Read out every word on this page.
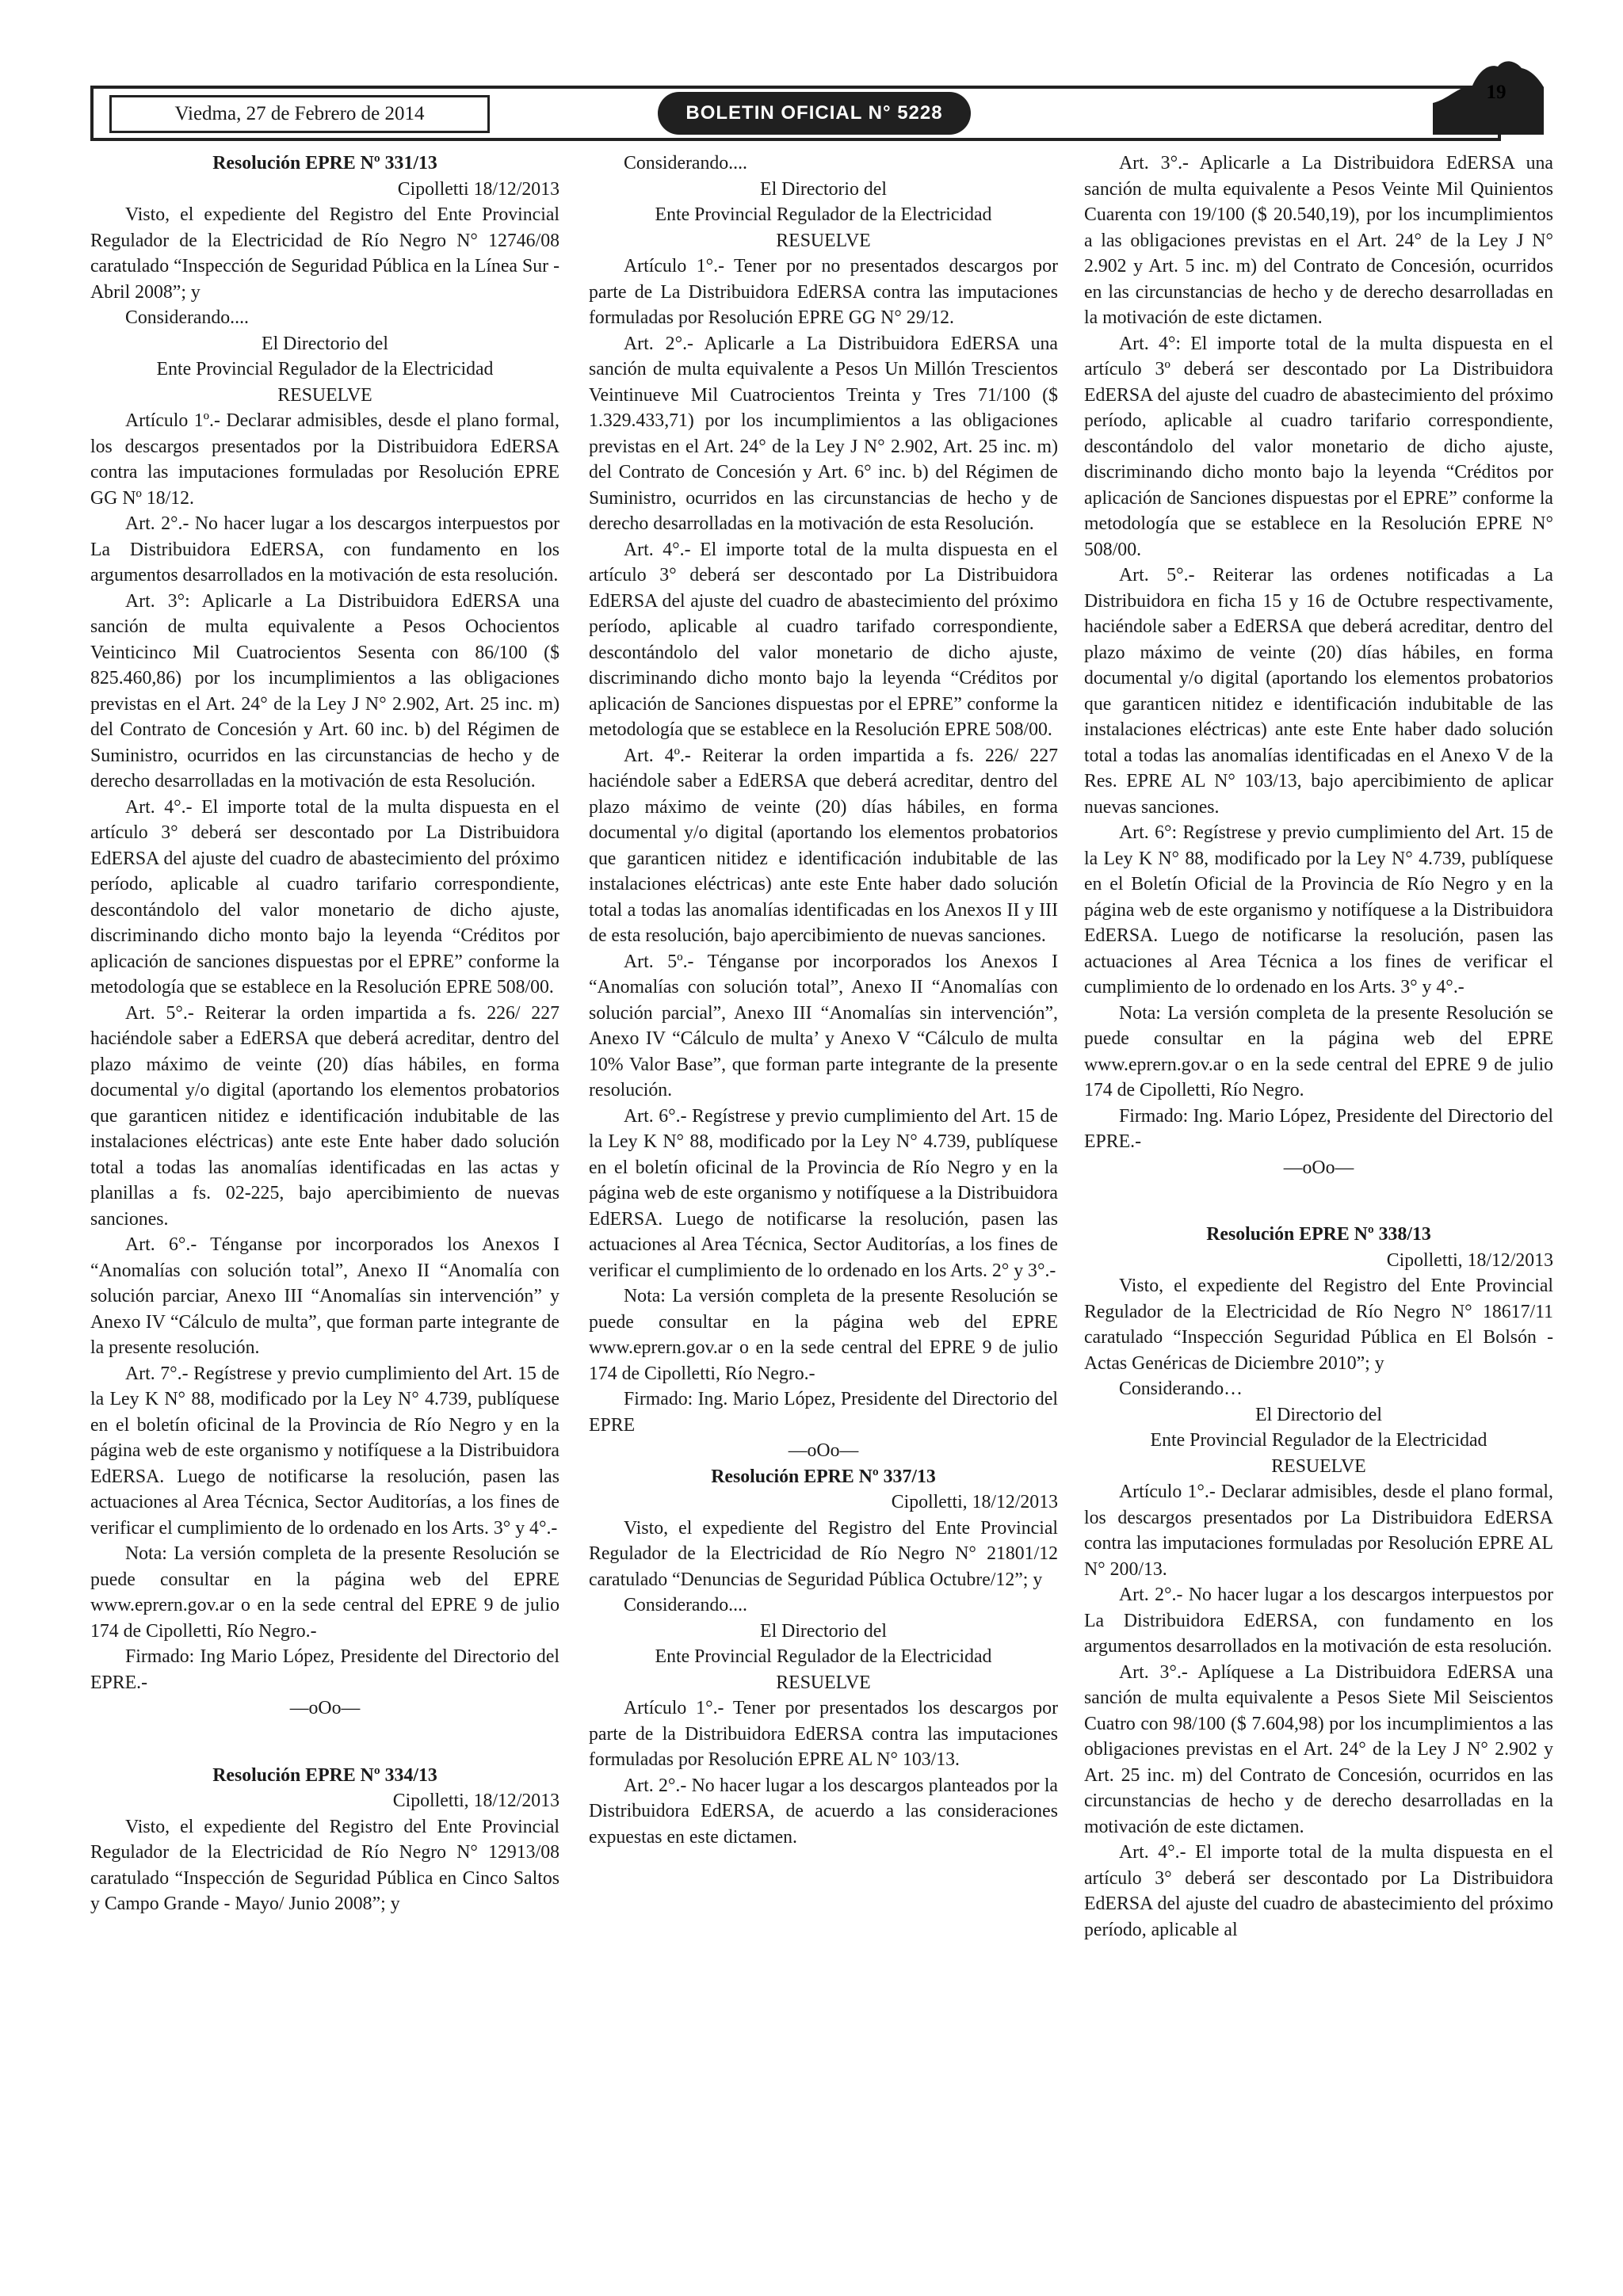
Viedma, 27 de Febrero de 2014	BOLETIN OFICIAL N° 5228
19

Resolución EPRE Nº 331/13

Cipolletti 18/12/2013

Visto, el expediente del Registro del Ente Provincial Regulador de la Electricidad de Río Negro N° 12746/08 caratulado “Inspección de Seguridad Pública en la Línea Sur - Abril 2008”; y

Considerando....

El Directorio del

Ente Provincial Regulador de la Electricidad

RESUELVE

Artículo 1º.- Declarar admisibles, desde el plano formal, los descargos presentados por la Distribuidora EdERSA contra las imputaciones formuladas por Resolución EPRE GG Nº 18/12.

Art. 2°.- No hacer lugar a los descargos interpuestos por La Distribuidora EdERSA, con fundamento en los argumentos desarrollados en la motivación de esta resolución.

Art. 3°: Aplicarle a La Distribuidora EdERSA una sanción de multa equivalente a Pesos Ochocientos Veinticinco Mil Cuatrocientos Sesenta con 86/100 ($ 825.460,86) por los incumplimientos a las obligaciones previstas en el Art. 24° de la Ley J N° 2.902, Art. 25 inc. m) del Contrato de Concesión y Art. 60 inc. b) del Régimen de Suministro, ocurridos en las circunstancias de hecho y de derecho desarrolladas en la motivación de esta Resolución.

Art. 4°.- El importe total de la multa dispuesta en el artículo 3° deberá ser descontado por La Distribuidora EdERSA del ajuste del cuadro de abastecimiento del próximo período, aplicable al cuadro tarifario correspondiente, descontándolo del valor monetario de dicho ajuste, discriminando dicho monto bajo la leyenda “Créditos por aplicación de sanciones dispuestas por el EPRE” conforme la metodología que se establece en la Resolución EPRE 508/00.

Art. 5°.- Reiterar la orden impartida a fs. 226/ 227 haciéndole saber a EdERSA que deberá acreditar, dentro del plazo máximo de veinte (20) días hábiles, en forma documental y/o digital (aportando los elementos probatorios que garanticen nitidez e identificación indubitable de las instalaciones eléctricas) ante este Ente haber dado solución total a todas las anomalías identificadas en las actas y planillas a fs. 02-225, bajo apercibimiento de nuevas sanciones.

Art. 6°.- Ténganse por incorporados los Anexos I “Anomalías con solución total”, Anexo II “Anomalía con solución parciar, Anexo III “Anomalías sin intervención” y Anexo IV “Cálculo de multa”, que forman parte integrante de la presente resolución.

Art. 7°.- Regístrese y previo cumplimiento del Art. 15 de la Ley K N° 88, modificado por la Ley N° 4.739, publíquese en el boletín oficinal de la Provincia de Río Negro y en la página web de este organismo y notifíquese a la Distribuidora EdERSA. Luego de notificarse la resolución, pasen las actuaciones al Area Técnica, Sector Auditorías, a los fines de verificar el cumplimiento de lo ordenado en los Arts. 3° y 4°.-

Nota: La versión completa de la presente Resolución se puede consultar en la página web del EPRE www.eprern.gov.ar o en la sede central del EPRE 9 de julio 174 de Cipolletti, Río Negro.-

Firmado: Ing Mario López, Presidente del Directorio del EPRE.-

—oOo—

Resolución EPRE Nº 334/13

Cipolletti, 18/12/2013

Visto, el expediente del Registro del Ente Provincial Regulador de la Electricidad de Río Negro N° 12913/08 caratulado “Inspección de Seguridad Pública en Cinco Saltos y Campo Grande - Mayo/ Junio 2008”; y

Considerando....

El Directorio del

Ente Provincial Regulador de la Electricidad

RESUELVE

Artículo 1°.- Tener por no presentados descargos por parte de La Distribuidora EdERSA contra las imputaciones formuladas por Resolución EPRE GG N° 29/12.

Art. 2°.- Aplicarle a La Distribuidora EdERSA una sanción de multa equivalente a Pesos Un Millón Trescientos Veintinueve Mil Cuatrocientos Treinta y Tres 71/100 ($ 1.329.433,71) por los incumplimientos a las obligaciones previstas en el Art. 24° de la Ley J N° 2.902, Art. 25 inc. m) del Contrato de Concesión y Art. 6° inc. b) del Régimen de Suministro, ocurridos en las circunstancias de hecho y de derecho desarrolladas en la motivación de esta Resolución.

Art. 4°.- El importe total de la multa dispuesta en el artículo 3° deberá ser descontado por La Distribuidora EdERSA del ajuste del cuadro de abastecimiento del próximo período, aplicable al cuadro tarifado correspondiente, descontándolo del valor monetario de dicho ajuste, discriminando dicho monto bajo la leyenda “Créditos por aplicación de Sanciones dispuestas por el EPRE” conforme la metodología que se establece en la Resolución EPRE 508/00.

Art. 4º.- Reiterar la orden impartida a fs. 226/ 227 haciéndole saber a EdERSA que deberá acreditar, dentro del plazo máximo de veinte (20) días hábiles, en forma documental y/o digital (aportando los elementos probatorios que garanticen nitidez e identificación indubitable de las instalaciones eléctricas) ante este Ente haber dado solución total a todas las anomalías identificadas en los Anexos II y III de esta resolución, bajo apercibimiento de nuevas sanciones.

Art. 5º.- Ténganse por incorporados los Anexos I “Anomalías con solución total”, Anexo II “Anomalías con solución parcial”, Anexo III “Anomalías sin intervención”, Anexo IV “Cálculo de multa’ y Anexo V “Cálculo de multa 10% Valor Base”, que forman parte integrante de la presente resolución.

Art. 6°.- Regístrese y previo cumplimiento del Art. 15 de la Ley K N° 88, modificado por la Ley N° 4.739, publíquese en el boletín oficinal de la Provincia de Río Negro y en la página web de este organismo y notifíquese a la Distribuidora EdERSA. Luego de notificarse la resolución, pasen las actuaciones al Area Técnica, Sector Auditorías, a los fines de verificar el cumplimiento de lo ordenado en los Arts. 2° y 3°.-

Nota: La versión completa de la presente Resolución se puede consultar en la página web del EPRE www.eprern.gov.ar o en la sede central del EPRE 9 de julio 174 de Cipolletti, Río Negro.-

Firmado: Ing. Mario López, Presidente del Directorio del EPRE

—oOo—

Resolución EPRE Nº 337/13

Cipolletti, 18/12/2013

Visto, el expediente del Registro del Ente Provincial Regulador de la Electricidad de Río Negro N° 21801/12 caratulado “Denuncias de Seguridad Pública Octubre/12”; y

Considerando....

El Directorio del

Ente Provincial Regulador de la Electricidad

RESUELVE

Artículo 1°.- Tener por presentados los descargos por parte de la Distribuidora EdERSA contra las imputaciones formuladas por Resolución EPRE AL N° 103/13.

Art. 2°.- No hacer lugar a los descargos planteados por la Distribuidora EdERSA, de acuerdo a las consideraciones expuestas en este dictamen.

Art. 3°.- Aplicarle a La Distribuidora EdERSA una sanción de multa equivalente a Pesos Veinte Mil Quinientos Cuarenta con 19/100 ($ 20.540,19), por los incumplimientos a las obligaciones previstas en el Art. 24° de la Ley J N° 2.902 y Art. 5 inc. m) del Contrato de Concesión, ocurridos en las circunstancias de hecho y de derecho desarrolladas en la motivación de este dictamen.

Art. 4°: El importe total de la multa dispuesta en el artículo 3º deberá ser descontado por La Distribuidora EdERSA del ajuste del cuadro de abastecimiento del próximo período, aplicable al cuadro tarifario correspondiente, descontándolo del valor monetario de dicho ajuste, discriminando dicho monto bajo la leyenda “Créditos por aplicación de Sanciones dispuestas por el EPRE” conforme la metodología que se establece en la Resolución EPRE N° 508/00.

Art. 5°.- Reiterar las ordenes notificadas a La Distribuidora en ficha 15 y 16 de Octubre respectivamente, haciéndole saber a EdERSA que deberá acreditar, dentro del plazo máximo de veinte (20) días hábiles, en forma documental y/o digital (aportando los elementos probatorios que garanticen nitidez e identificación indubitable de las instalaciones eléctricas) ante este Ente haber dado solución total a todas las anomalías identificadas en el Anexo V de la Res. EPRE AL N° 103/13, bajo apercibimiento de aplicar nuevas sanciones.

Art. 6°: Regístrese y previo cumplimiento del Art. 15 de la Ley K N° 88, modificado por la Ley N° 4.739, publíquese en el Boletín Oficial de la Provincia de Río Negro y en la página web de este organismo y notifíquese a la Distribuidora EdERSA. Luego de notificarse la resolución, pasen las actuaciones al Area Técnica a los fines de verificar el cumplimiento de lo ordenado en los Arts. 3° y 4°.-

Nota: La versión completa de la presente Resolución se puede consultar en la página web del EPRE www.eprern.gov.ar o en la sede central del EPRE 9 de julio 174 de Cipolletti, Río Negro.

Firmado: Ing. Mario López, Presidente del Directorio del EPRE.-

—oOo—

Resolución EPRE Nº 338/13

Cipolletti, 18/12/2013

Visto, el expediente del Registro del Ente Provincial Regulador de la Electricidad de Río Negro N° 18617/11 caratulado “Inspección Seguridad Pública en El Bolsón - Actas Genéricas de Diciembre 2010”; y

Considerando…

El Directorio del

Ente Provincial Regulador de la Electricidad

RESUELVE

Artículo 1°.- Declarar admisibles, desde el plano formal, los descargos presentados por La Distribuidora EdERSA contra las imputaciones formuladas por Resolución EPRE AL N° 200/13.

Art. 2°.- No hacer lugar a los descargos interpuestos por La Distribuidora EdERSA, con fundamento en los argumentos desarrollados en la motivación de esta resolución.

Art. 3°.- Aplíquese a La Distribuidora EdERSA una sanción de multa equivalente a Pesos Siete Mil Seiscientos Cuatro con 98/100 ($ 7.604,98) por los incumplimientos a las obligaciones previstas en el Art. 24° de la Ley J N° 2.902 y Art. 25 inc. m) del Contrato de Concesión, ocurridos en las circunstancias de hecho y de derecho desarrolladas en la motivación de este dictamen.

Art. 4°.- El importe total de la multa dispuesta en el artículo 3° deberá ser descontado por La Distribuidora EdERSA del ajuste del cuadro de abastecimiento del próximo período, aplicable al
